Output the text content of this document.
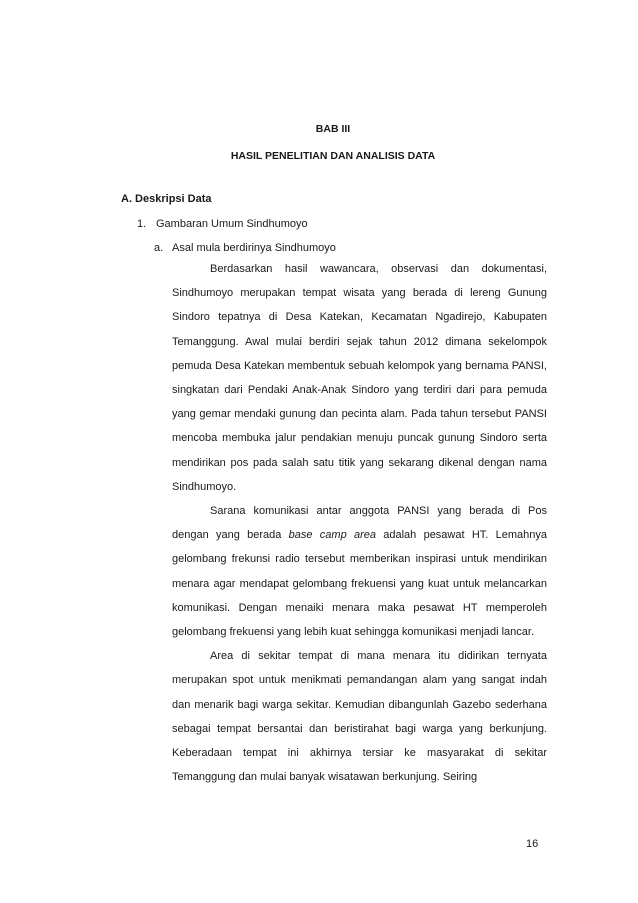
BAB III
HASIL PENELITIAN DAN ANALISIS DATA
A. Deskripsi Data
1. Gambaran Umum Sindhumoyo
a. Asal mula berdirinya Sindhumoyo

Berdasarkan hasil wawancara, observasi dan dokumentasi, Sindhumoyo merupakan tempat wisata yang berada di lereng Gunung Sindoro tepatnya di Desa Katekan, Kecamatan Ngadirejo, Kabupaten Temanggung. Awal mulai berdiri sejak tahun 2012 dimana sekelompok pemuda Desa Katekan membentuk sebuah kelompok yang bernama PANSI, singkatan dari Pendaki Anak-Anak Sindoro yang terdiri dari para pemuda yang gemar mendaki gunung dan pecinta alam. Pada tahun tersebut PANSI mencoba membuka jalur pendakian menuju puncak gunung Sindoro serta mendirikan pos pada salah satu titik yang sekarang dikenal dengan nama Sindhumoyo.

Sarana komunikasi antar anggota PANSI yang berada di Pos dengan yang berada base camp area adalah pesawat HT. Lemahnya gelombang frekunsi radio tersebut memberikan inspirasi untuk mendirikan menara agar mendapat gelombang frekuensi yang kuat untuk melancarkan komunikasi. Dengan menaiki menara maka pesawat HT memperoleh gelombang frekuensi yang lebih kuat sehingga komunikasi menjadi lancar.

Area di sekitar tempat di mana menara itu didirikan ternyata merupakan spot untuk menikmati pemandangan alam yang sangat indah dan menarik bagi warga sekitar. Kemudian dibangunlah Gazebo sederhana sebagai tempat bersantai dan beristirahat bagi warga yang berkunjung. Keberadaan tempat ini akhirnya tersiar ke masyarakat di sekitar Temanggung dan mulai banyak wisatawan berkunjung. Seiring

16
